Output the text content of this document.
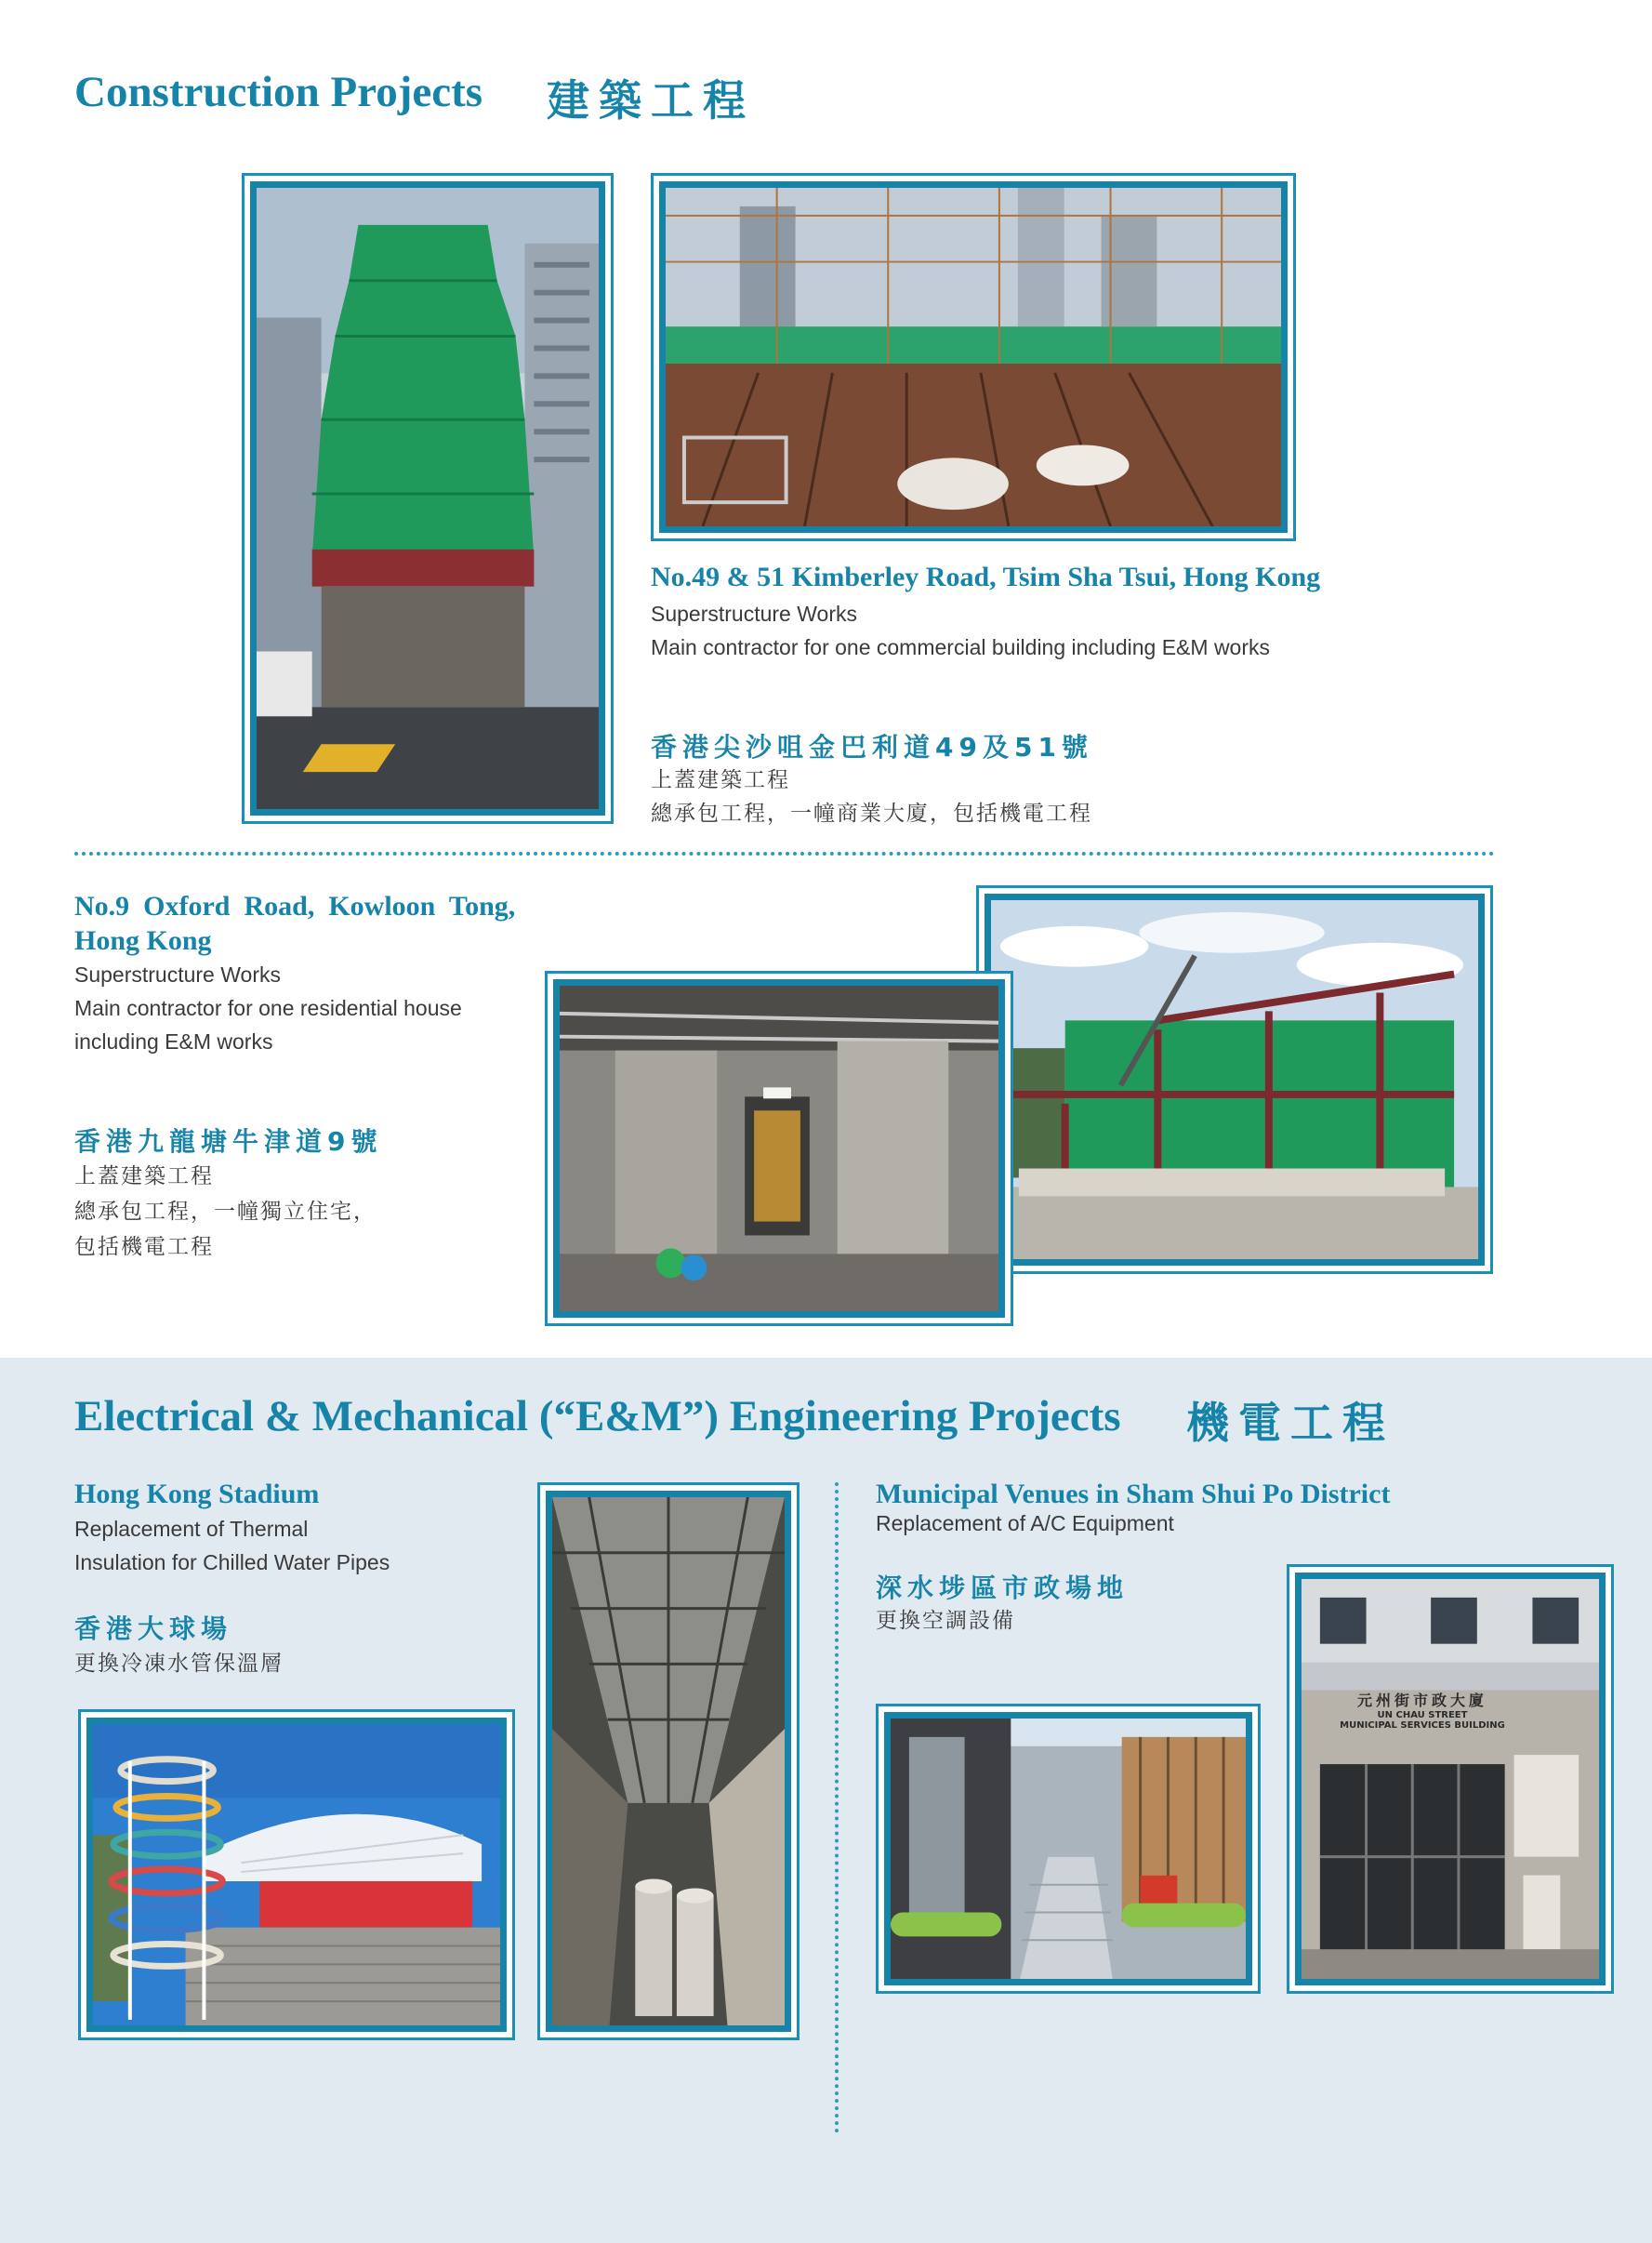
Construction Projects 建築工程
No.49 & 51 Kimberley Road, Tsim Sha Tsui, Hong Kong
Superstructure Works
Main contractor for one commercial building including E&M works
香港尖沙咀金巴利道49及51號
上蓋建築工程
總承包工程，一幢商業大廈，包括機電工程
No.9  Oxford  Road,  Kowloon  Tong,
Hong Kong
Superstructure Works
Main contractor for one residential house
including E&M works
香港九龍塘牛津道9號
上蓋建築工程
總承包工程，一幢獨立住宅，
包括機電工程
Electrical & Mechanical (“E&M”) Engineering Projects 機電工程
Hong Kong Stadium
Replacement of Thermal
Insulation for Chilled Water Pipes
香港大球場
更換冷凍水管保溫層
Municipal Venues in Sham Shui Po District
Replacement of A/C Equipment
深水埗區市政場地
更換空調設備
元州街市政大廈
UN CHAU STREET
MUNICIPAL SERVICES BUILDING
